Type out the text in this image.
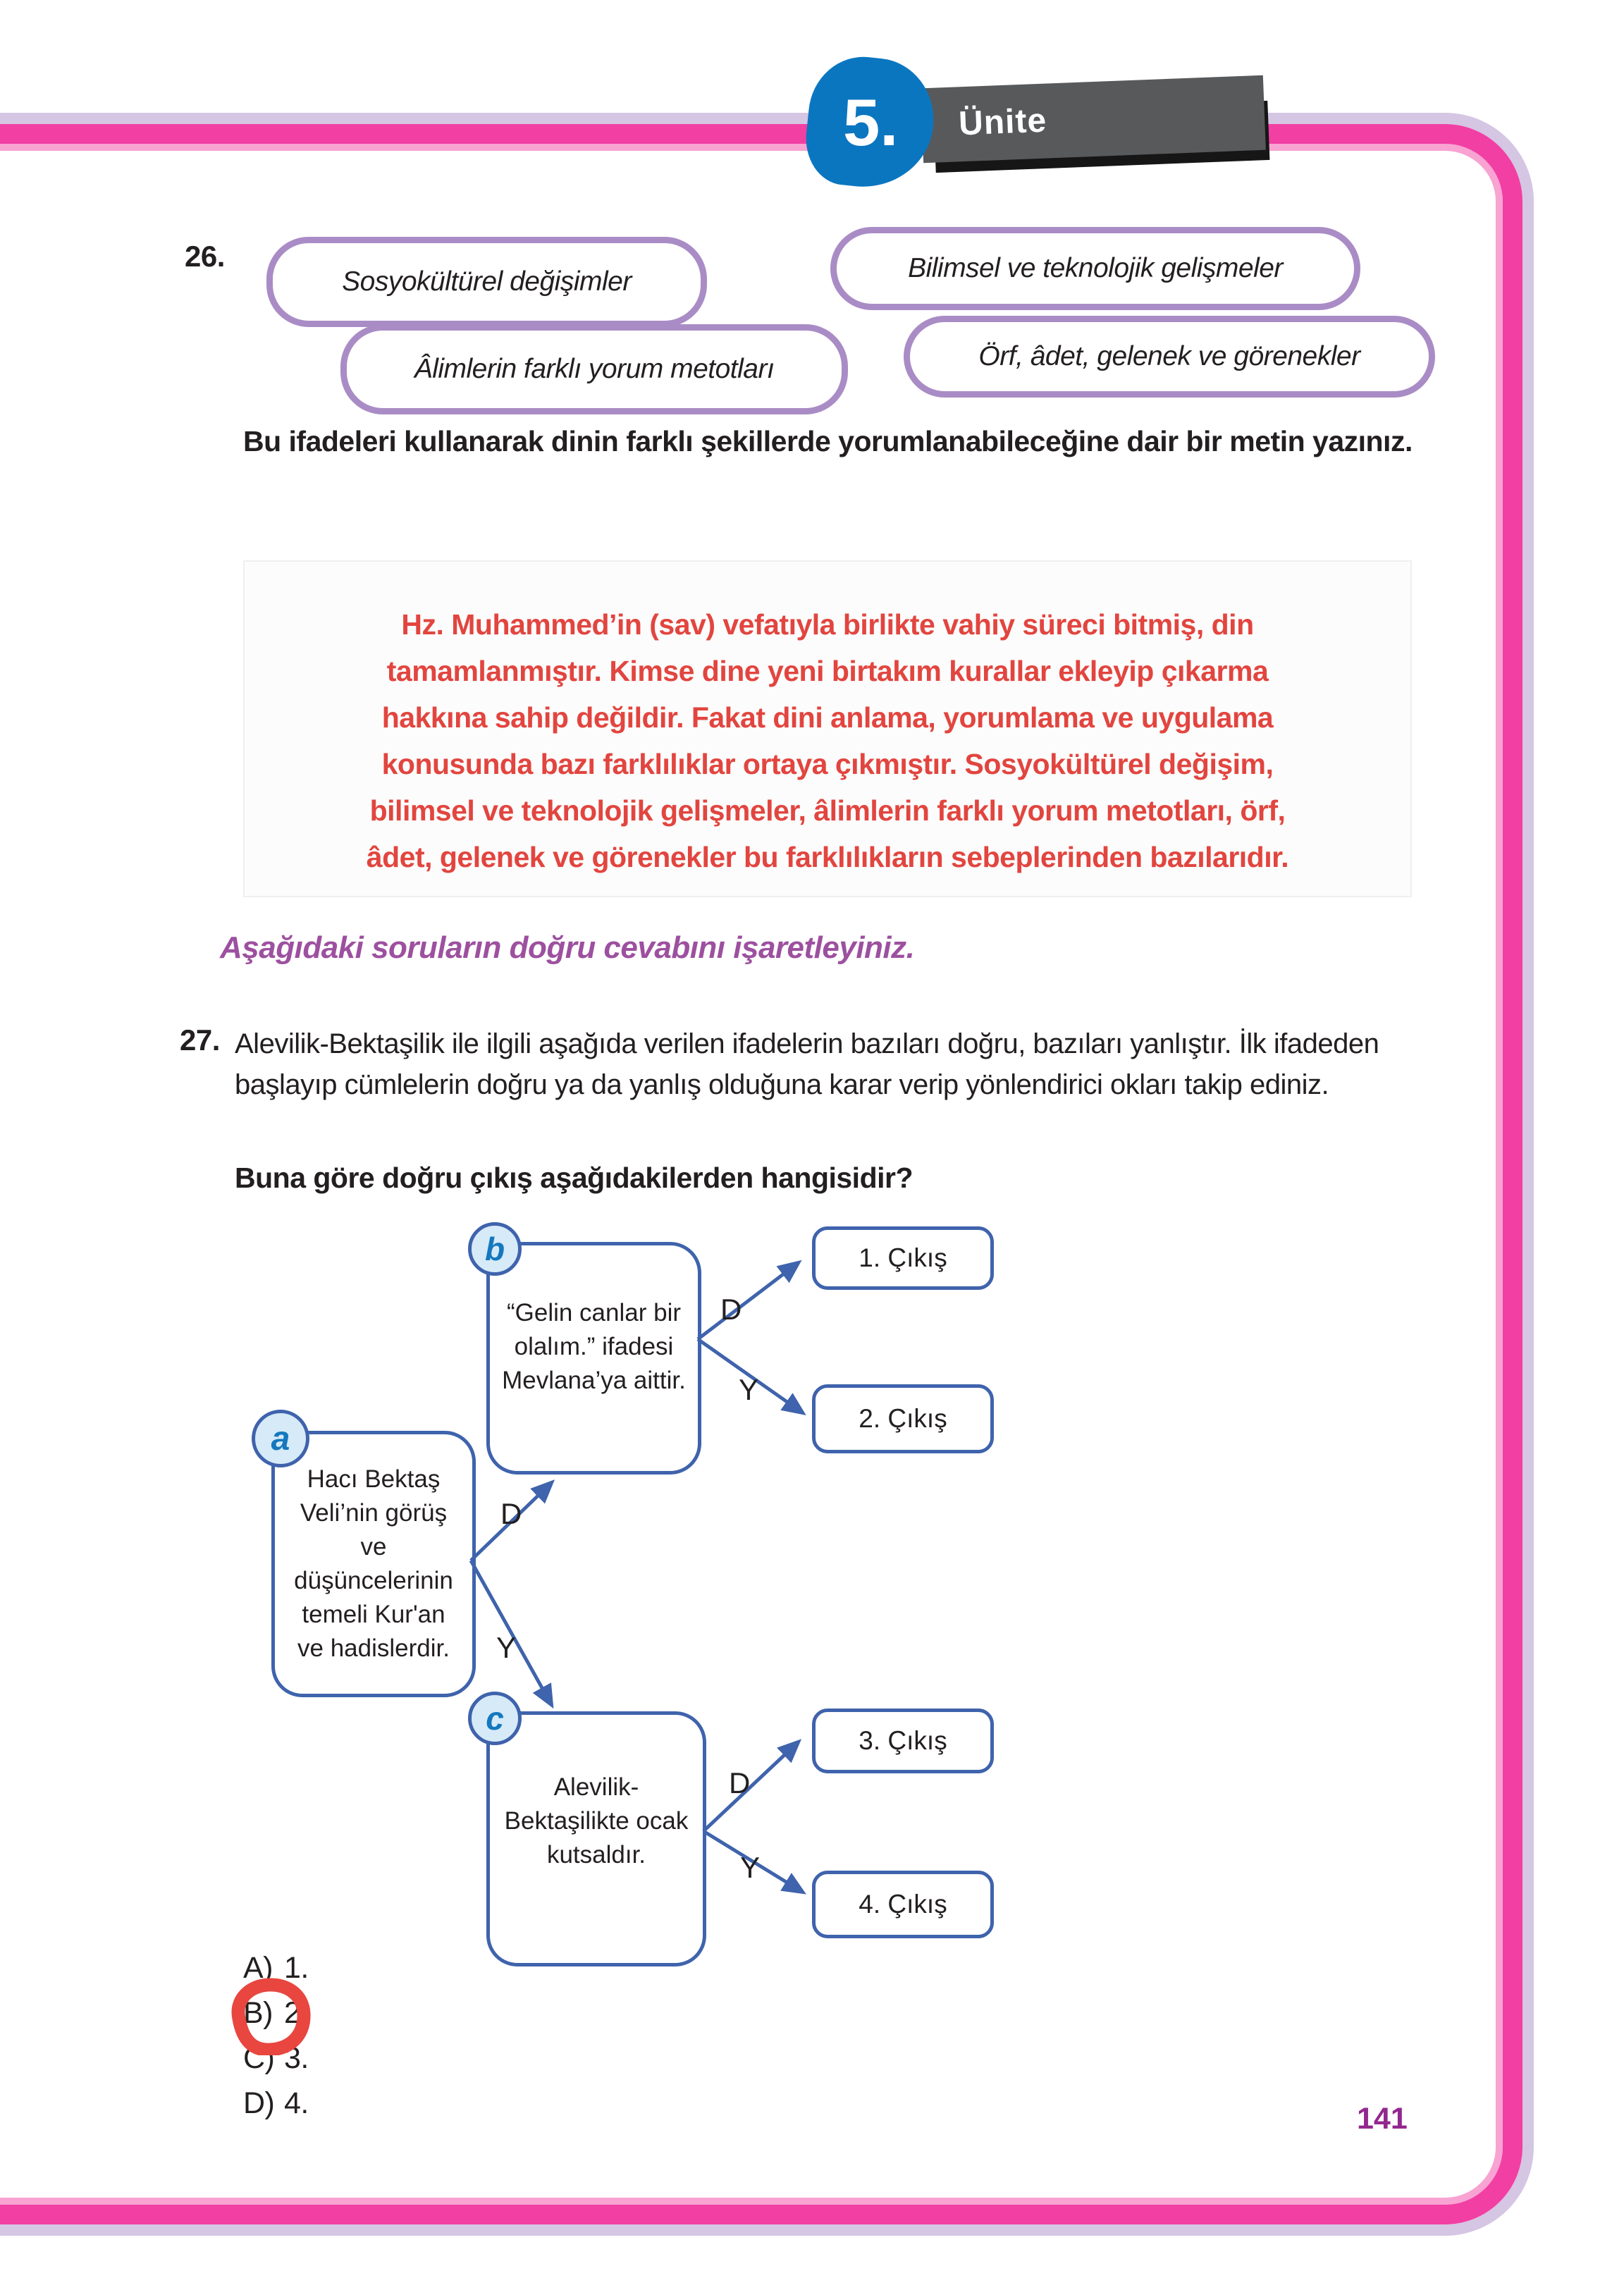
Ünite
5.
26.
Sosyokültürel değişimler	Bilimsel ve teknolojik gelişmeler
Âlimlerin farklı yorum metotları	Örf, âdet, gelenek ve görenekler
Bu ifadeleri kullanarak dinin farklı şekillerde yorumlanabileceğine dair bir metin yazınız.
Hz. Muhammed’in (sav) vefatıyla birlikte vahiy süreci bitmiş, din
tamamlanmıştır. Kimse dine yeni birtakım kurallar ekleyip çıkarma
hakkına sahip değildir. Fakat dini anlama, yorumlama ve uygulama
konusunda bazı farklılıklar ortaya çıkmıştır. Sosyokültürel değişim,
bilimsel ve teknolojik gelişmeler, âlimlerin farklı yorum metotları, örf,
âdet, gelenek ve görenekler bu farklılıkların sebeplerinden bazılarıdır.
Aşağıdaki soruların doğru cevabını işaretleyiniz.
27. Alevilik-Bektaşilik ile ilgili aşağıda verilen ifadelerin bazıları doğru, bazıları yanlıştır. İlk ifadeden başlayıp cümlelerin doğru ya da yanlış olduğuna karar verip yönlendirici okları takip ediniz.
Buna göre doğru çıkış aşağıdakilerden hangisidir?
“Gelin canlar bir olalım.” ifadesi Mevlana’ya aittir.
b
Hacı Bektaş Veli’nin görüş ve düşüncelerinin temeli Kur'an ve hadislerdir.
a
Alevilik-Bektaşilikte ocak kutsaldır.
c
1. Çıkış
2. Çıkış
3. Çıkış
4. Çıkış
D
Y
D
Y
D
Y
A) 1.
B) 2.
C) 3.
D) 4.	141
